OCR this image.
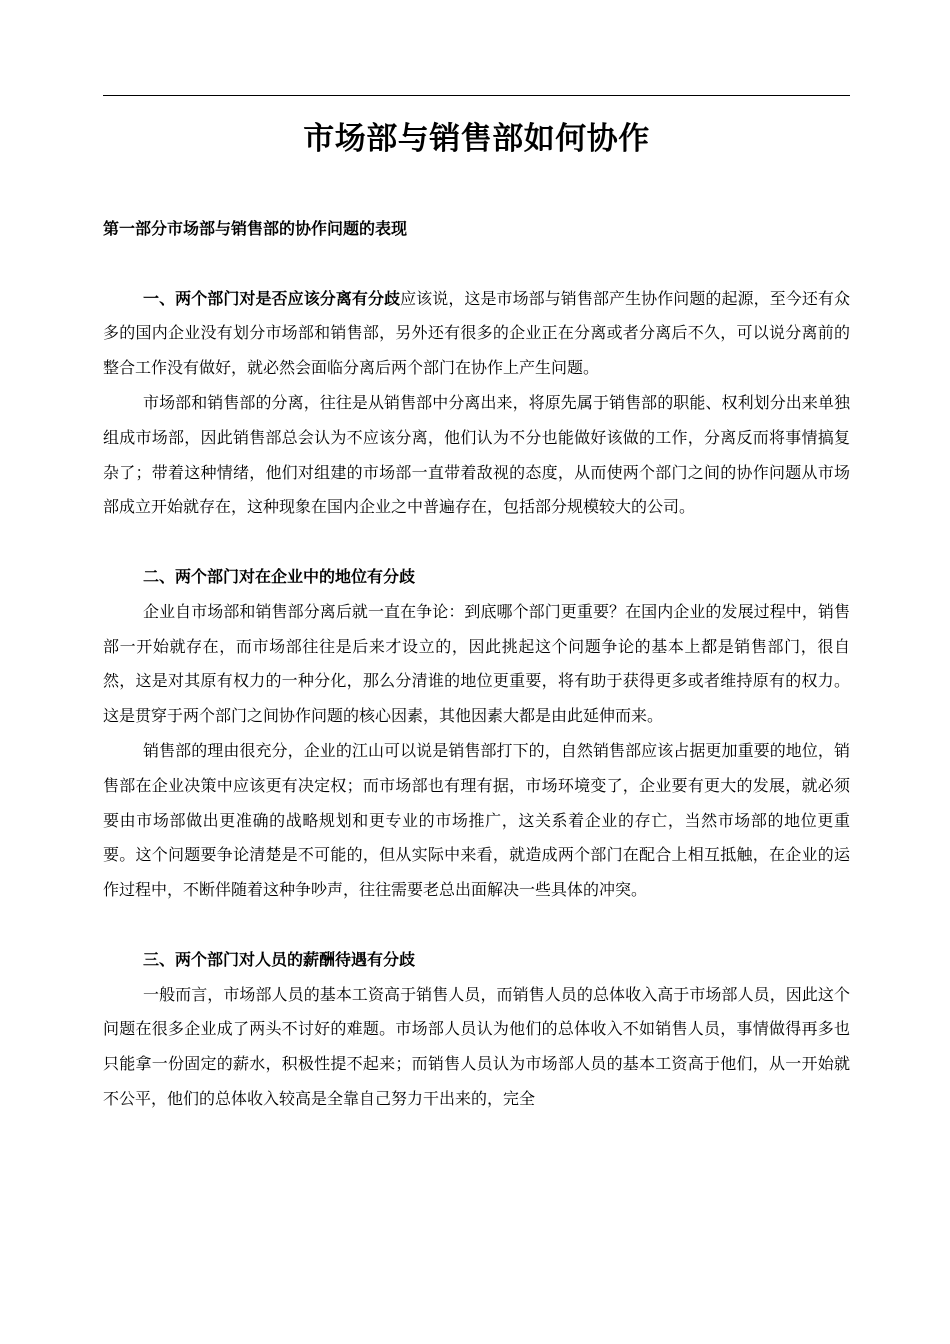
市场部与销售部如何协作

第一部分市场部与销售部的协作问题的表现

一、两个部门对是否应该分离有分歧应该说，这是市场部与销售部产生协作问题的起源，至今还有众多的国内企业没有划分市场部和销售部，另外还有很多的企业正在分离或者分离后不久，可以说分离前的整合工作没有做好，就必然会面临分离后两个部门在协作上产生问题。

市场部和销售部的分离，往往是从销售部中分离出来，将原先属于销售部的职能、权利划分出来单独组成市场部，因此销售部总会认为不应该分离，他们认为不分也能做好该做的工作，分离反而将事情搞复杂了；带着这种情绪，他们对组建的市场部一直带着敌视的态度，从而使两个部门之间的协作问题从市场部成立开始就存在，这种现象在国内企业之中普遍存在，包括部分规模较大的公司。

二、两个部门对在企业中的地位有分歧

企业自市场部和销售部分离后就一直在争论：到底哪个部门更重要？在国内企业的发展过程中，销售部一开始就存在，而市场部往往是后来才设立的，因此挑起这个问题争论的基本上都是销售部门，很自然，这是对其原有权力的一种分化，那么分清谁的地位更重要，将有助于获得更多或者维持原有的权力。这是贯穿于两个部门之间协作问题的核心因素，其他因素大都是由此延伸而来。

销售部的理由很充分，企业的江山可以说是销售部打下的，自然销售部应该占据更加重要的地位，销售部在企业决策中应该更有决定权；而市场部也有理有据，市场环境变了，企业要有更大的发展，就必须要由市场部做出更准确的战略规划和更专业的市场推广，这关系着企业的存亡，当然市场部的地位更重要。这个问题要争论清楚是不可能的，但从实际中来看，就造成两个部门在配合上相互抵触，在企业的运作过程中，不断伴随着这种争吵声，往往需要老总出面解决一些具体的冲突。

三、两个部门对人员的薪酬待遇有分歧

一般而言，市场部人员的基本工资高于销售人员，而销售人员的总体收入高于市场部人员，因此这个问题在很多企业成了两头不讨好的难题。市场部人员认为他们的总体收入不如销售人员，事情做得再多也只能拿一份固定的薪水，积极性提不起来；而销售人员认为市场部人员的基本工资高于他们，从一开始就不公平，他们的总体收入较高是全靠自己努力干出来的，完全
